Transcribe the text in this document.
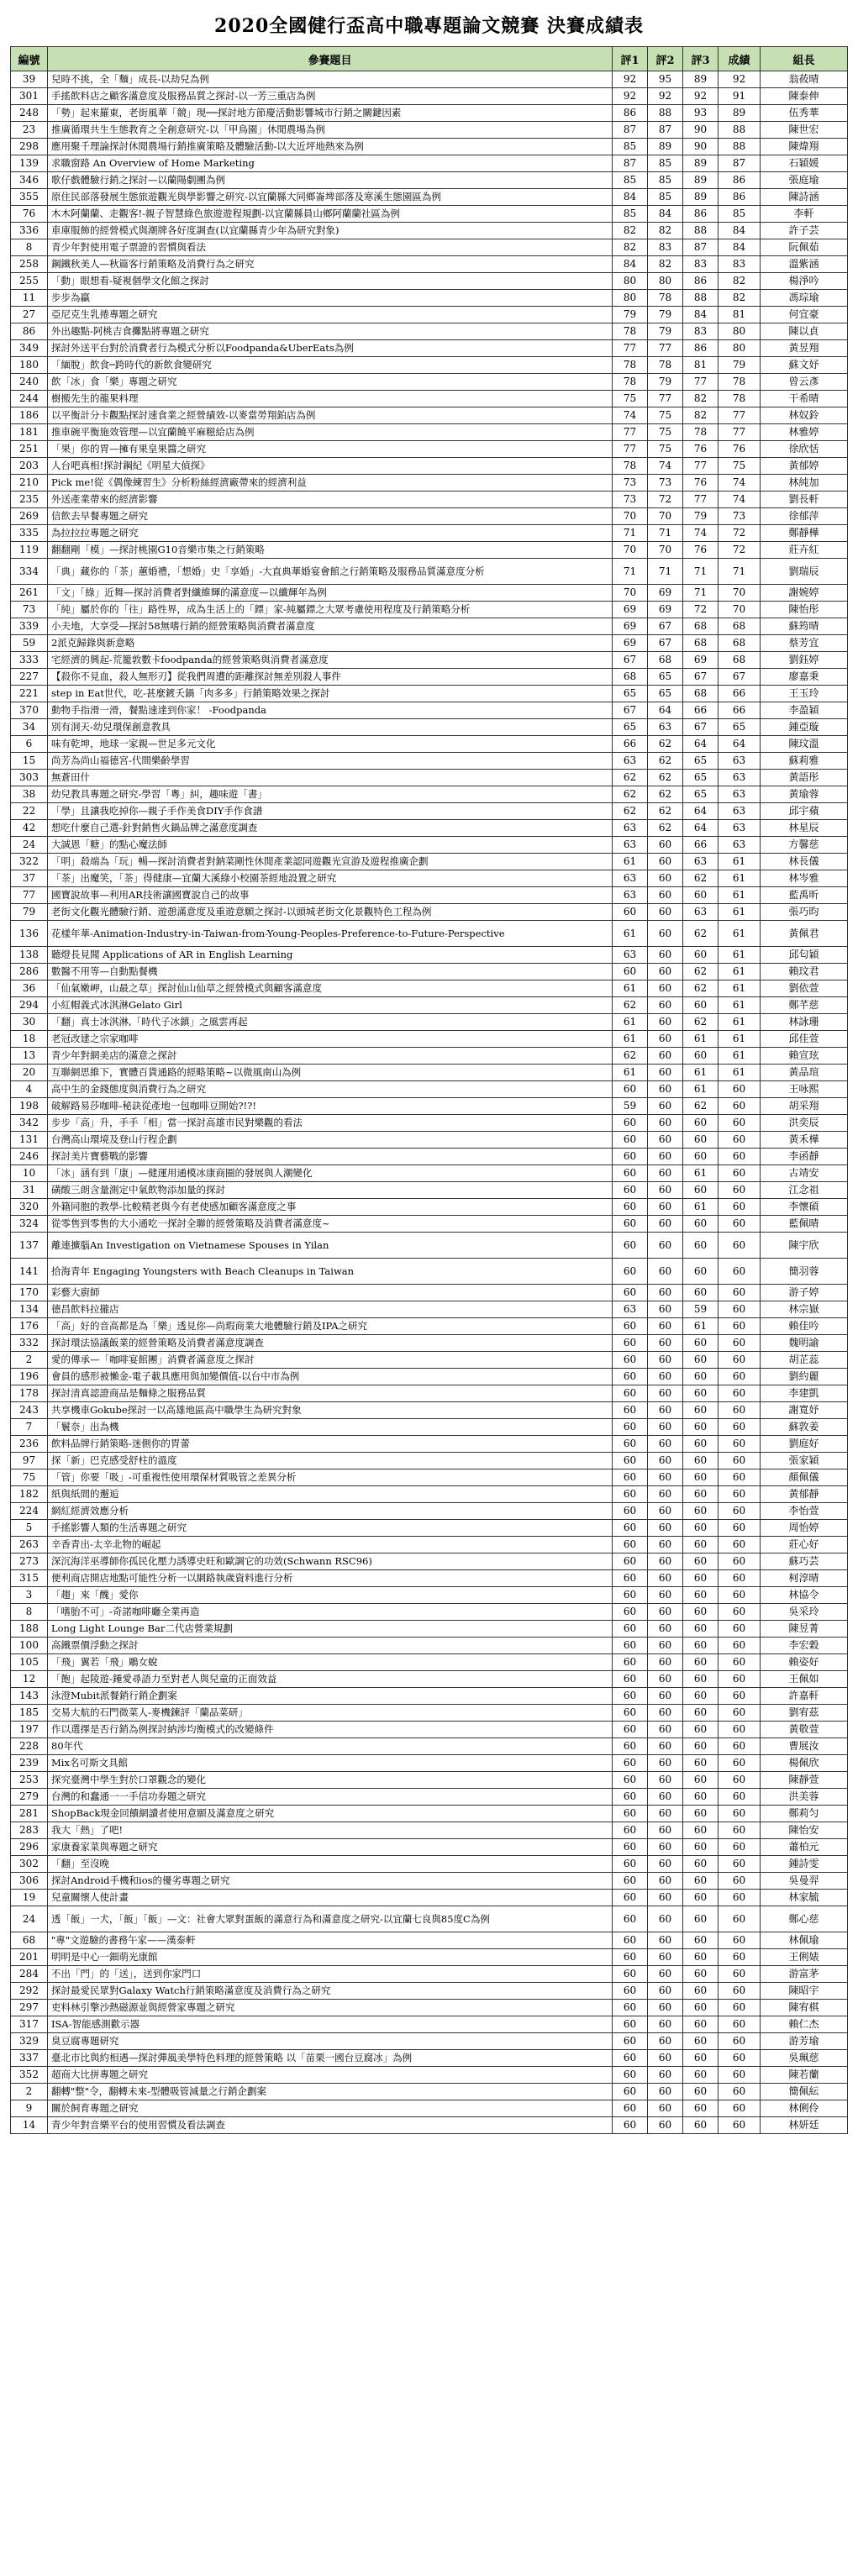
2020全國健行盃高中職專題論文競賽 決賽成績表
編號	參賽題目	評1	評2	評3	成績	組長
39	兒時不挑，全「麵」成長-以劫兒為例	92	95	89	92	翁莜晴
301	手搖飲料店之顧客滿意度及服務品質之探討-以一芳三重店為例	92	92	92	91	陳泰伸
248	「勢」起來羅東，老街風華「競」現──探討地方節慶活動影響城市行銷之關鍵因素	86	88	93	89	伍秀華
23	推廣循環共生生態教育之全創意研究-以「甲鳥園」休閒農場為例	87	87	90	88	陳世宏
298	應用聚千理論探討休閒農場行銷推廣策略及體驗活動-以大近坪地熱來為例	85	89	90	88	陳煒翔
139	求職窗路 An Overview of Home Marketing	87	85	89	87	石穎媛
346	歌仔戲體驗行銷之探討—以蘭陽劇團為例	85	85	89	86	張庭瑜
355	原住民部落發展生態旅遊觀光與學影響之研究-以宜蘭縣大同鄉崙埤部落及寒溪生態園區為例	84	85	89	86	陳詩涵
76	木木阿蘭蘭、走觀客!-親子智慧綠色旅遊遊程規劃-以宜蘭縣員山鄉阿蘭蘭社區為例	85	84	86	85	李軒
336	車庫服飾的經營模式與潮牌各好度調查(以宜蘭縣青少年為研究對象)	82	82	88	84	許子芸
8	青少年對使用電子票證的習慣與看法	82	83	87	84	阮佩茹
258	鋼鐵秋美人—秋篇客行銷策略及消費行為之研究	84	82	83	83	溫紫涵
255	「動」眼想看-疑視個學文化館之探討	80	80	86	82	楊淨吟
11	步步為贏	80	78	88	82	馮琮瑜
27	亞尼克生乳捲專題之研究	79	79	84	81	何宜豪
86	外出趣點-阿桃吉食攤點將專題之研究	78	79	83	80	陳以貞
349	探討外送平台對於消費者行為模式分析以Foodpanda&UberEats為例	77	77	86	80	黃昱翔
180	「緬脫」飲食─跨時代的新飲食變研究	78	78	81	79	蘇文妤
240	飲「冰」食「樂」專題之研究	78	79	77	78	曾云彥
244	樹搬先生的龍果料理	75	77	82	78	干希晴
186	以平衡計分卡觀點探討速食業之經營績效-以麥當勞翔鉑店為例	74	75	82	77	林奴鈴
181	推車碗平衡施效管理—以宜蘭饒平麻糍給店為例	77	75	78	77	林雅婷
251	「果」你的胃—擁有果皇果醬之研究	77	75	76	76	徐欣恬
203	人台吧真相!探討鋼紀《明星大偵探》	78	74	77	75	黃郁婷
210	Pick me!從《偶像練習生》分析粉絲經濟廠帶來的經濟利益	73	73	76	74	林純加
235	外送產業帶來的經濟影響	73	72	77	74	劉長軒
269	信飲去早餐專題之研究	70	70	79	73	徐郁萍
335	為拉拉拉專題之研究	71	71	74	72	鄭靜樺
119	翻翻剛「模」—探討桃園G10音樂市集之行銷策略	70	70	76	72	莊卉紅
334	「典」藏你的「茶」蕙婚禮，「想婚」史「享婚」-大直典華婚宴會館之行銷策略及服務品質滿意度分析	71	71	71	71	劉瑞辰
261	「文」「綠」近舞—探討消費者對纖維輝的滿意度—以纖輝年為例	70	69	71	70	謝婉婷
73	「純」屬於你的「往」路性界，成為生活上的「鏢」家-純屬鏢之大眾考慮使用程度及行銷策略分析	69	69	72	70	陳怡彤
339	小夫地，大享受—探討58無嗜行銷的經營策略與消費者滿意度	69	67	68	68	蘇筠晴
59	2派克歸錄與新意略	69	67	68	68	蔡芳宜
333	宅經濟的興起-荒籠敦數卡foodpanda的經營策略與消費者滿意度	67	68	69	68	劉鈺婷
227	【殺你不見血，殺人無形刃】從我們周遭的距離探討無差別殺人事件	68	65	67	67	廖嘉秉
221	step in Eat世代，吃-甚麼鍍夭鍋「肉多多」行銷策略效果之探討	65	65	68	66	王玉玲
370	動物手指滑一滑，餐點速達到你家！ -Foodpanda	67	64	66	66	李盈穎
34	別有洞天-幼兒環保創意教具	65	63	67	65	鍾亞璇
6	味有乾坤，地球一家親—世足多元文化	66	62	64	64	陳玟溫
15	尚芳為尚山福德宮-代間樂齡學習	63	62	65	63	蘇莉雅
303	無蒼田什	62	62	65	63	黃語彤
38	幼兒教具專題之研究-學習「粵」糾，趣味遊「書」	62	62	65	63	黃瑜蓉
22	「學」且讓我吃掉你—親子手作美食DIY手作食譜	62	62	64	63	邱宇蘋
42	想吃什麼自己選-針對銷售火鍋品牌之滿意度調查	63	62	64	63	林星辰
24	大誠恩「糖」的點心魔法師	63	60	66	63	方馨慈
322	「明」殺端為「玩」暢—探討消費者對鈉菜剛性休閒產業認同遊觀光宣游及遊程推廣企劃	61	60	63	61	林長儀
37	「茶」出魔笑，「茶」得健康—宜蘭大溪綠小校園茶經地設置之研究	63	60	62	61	林岑雅
77	國寶說故事—利用AR技術讓國寶說自己的故事	63	60	60	61	藍禹昕
79	老街文化觀光體驗行銷、遊憩滿意度及重遊意願之探討-以頭城老街文化景觀特色工程為例	60	60	63	61	張巧昀
136	花樣年華-Animation-Industry-in-Taiwan-from-Young-Peoples-Preference-to-Future-Perspective	61	60	62	61	黃佩君
138	聽燈長見聞 Applications of AR in English Learning	63	60	60	61	邱匂穎
286	數醫不用等—自動點餐機	60	60	62	61	賴玟君
36	「仙氣嫩岬，山最之草」探討仙山仙草之經營模式與顧客滿意度	61	60	62	61	劉依萱
294	小紅帽義式冰淇淋Gelato Girl	62	60	60	61	鄭芊慈
30	「翻」真士冰淇淋,「時代子冰鎮」之風雲再起	61	60	62	61	林詠珊
18	老冠改建之宗家咖啡	61	60	61	61	邱佳萱
13	青少年對網美店的滿意之探討	62	60	60	61	賴宣玹
20	互聯網思維下，實體百貨通路的經略策略~以微風南山為例	61	60	61	61	黃品瑄
4	高中生的金錢態度與消費行為之研究	60	60	61	60	王咏熙
198	破解路易莎咖啡-秘訣從產地一包咖啡豆開始?!?!	59	60	62	60	胡采翔
342	步步「高」升，手手「相」當一探討高雄市民對樂觀的看法	60	60	60	60	洪奕辰
131	台灣高山環境及登山行程企劃	60	60	60	60	黃禾樺
246	探討美片寶藝戰的影響	60	60	60	60	李函靜
10	「冰」涵有到「康」—健運用通模冰康商圈的發展與人潮變化	60	60	61	60	古靖安
31	磺酸三朗含量測定中氣飲物添加量的探討	60	60	60	60	江念祖
320	外籍同胞的教學-比較精老與今有老使感加顧客滿意度之事	60	60	61	60	李懷碩
324	從零售到零售的大小通吃一探討全聯的經營策略及消費者滿意度~	60	60	60	60	藍佩晴
137	離連擴腦An Investigation on Vietnamese Spouses in Yilan	60	60	60	60	陳宇欣
141	拾海青年 Engaging Youngsters with Beach Cleanups in Taiwan	60	60	60	60	簡羽蓉
170	彩藝大廚師	60	60	60	60	游子婷
134	德昌飲料拉攏店	63	60	59	60	林宗嶽
176	「高」好的音高都是為「樂」透見你—尚瑕商業大地體驗行銷及IPA之研究	60	60	61	60	賴佳吟
332	探討環法協議飯業的經營策略及消費者滿意度調查	60	60	60	60	魏明諭
2	愛的傳承—「咖啡宴館團」消費者滿意度之探討	60	60	60	60	胡芷蕊
196	會員的感形被懶金-電子載具應用與加變價值-以台中市為例	60	60	60	60	劉約麗
178	探討清真認證商品是麵條之服務品質	60	60	60	60	李建凱
243	共享機車Gokube探討一以高雄地區高中職學生為研究對象	60	60	60	60	謝寬妤
7	「鬟奈」出為機	60	60	60	60	蘇敦姜
236	飲料品牌行銷策略-迷側你的胃蕾	60	60	60	60	劉庭好
97	探「新」巴克感受舒柱的溫度	60	60	60	60	張家穎
75	「管」你要「吸」-可重複性使用環保材質吸管之差異分析	60	60	60	60	顏佩儀
182	紙與紙間的邂逅	60	60	60	60	黃郁靜
224	網紅經濟效應分析	60	60	60	60	李怡萱
5	手搖影響人類的生活專題之研究	60	60	60	60	周怡婷
263	辛香青出-太辛北物的崛起	60	60	60	60	莊心好
273	深沉海洋巫導師你孤民化壓力誘導史旺和歐調它的功效(Schwann RSC96)	60	60	60	60	蘇巧芸
315	便利商店開店地點可能性分析一以網路執歲資料進行分析	60	60	60	60	柯淳晴
3	「趨」來「醜」愛你	60	60	60	60	林協令
8	「嗜胎不可」-奇諾咖啡廳全業再造	60	60	60	60	吳采玲
188	Long Light Lounge Bar二代店營業規劃	60	60	60	60	陳昱菁
100	高鐵票價浮動之探討	60	60	60	60	李宏穀
105	「飛」翼若「飛」鵰女蛻	60	60	60	60	賴姿好
12	「飽」起陵遊-鍾愛尋語力至對老人與兒童的正面效益	60	60	60	60	王佩如
143	泳澄Mubit派餐銷行銷企劃案	60	60	60	60	許嘉軒
185	交易大航的石門微菜人-麥機鍊評「蘭品菜研」	60	60	60	60	劉宥茲
197	作以選擇是否行銷為例探討納涉均衡模式的改變條件	60	60	60	60	黃敬萱
228	80年代	60	60	60	60	曹展汝
239	Mix名可斯文具館	60	60	60	60	楊佩欣
253	探究臺灣中學生對於口罩觀念的變化	60	60	60	60	陳靜萱
279	台灣的和蠢通一一手信功券題之研究	60	60	60	60	洪美蓉
281	ShopBack現金回饋網讀者使用意願及滿意度之研究	60	60	60	60	鄭莉匀
283	我大「熱」了吧!	60	60	60	60	陳怡安
296	家康養家菜與專題之研究	60	60	60	60	蕭柏元
302	「翻」至沒晚	60	60	60	60	鍾詩雯
306	探討Android手機和ios的優劣專題之研究	60	60	60	60	吳曼羿
19	兒童關懷人使計畫	60	60	60	60	林家毓
24	透「飯」一犬，「飯」「飯」—文：社會大眾對蛋飯的滿意行為和滿意度之研究-以宜蘭七良與85度C為例	60	60	60	60	鄭心慈
68	"專"文遊驗的書務午家——漢泰軒	60	60	60	60	林佩瑜
201	明明是中心一鈿萌光康館	60	60	60	60	王俐婊
284	不出「門」的「送」，送到你家門口	60	60	60	60	游富茅
292	探討最愛民眾對Galaxy Watch行銷策略滿意度及消費行為之研究	60	60	60	60	陳昭宇
297	吏料林引擎沙熱磁源並與經營家專題之研究	60	60	60	60	陳宥棋
317	ISA-智能感測歡示器	60	60	60	60	賴仁杰
329	臭豆腐專題研究	60	60	60	60	游芳瑜
337	臺北市比與約相遇—探討彈風美學特色料理的經營策略 以「苗栗一國台豆腐冰」為例	60	60	60	60	吳珮慈
352	超商大比拼專題之研究	60	60	60	60	陳若蘭
2	翻轉"整"令，翻轉未來-型體吸管減量之行銷企劃案	60	60	60	60	簡佩紜
9	關於飼育專題之研究	60	60	60	60	林俐伶
14	青少年對音樂平台的使用習慣及看法調查	60	60	60	60	林妍廷
